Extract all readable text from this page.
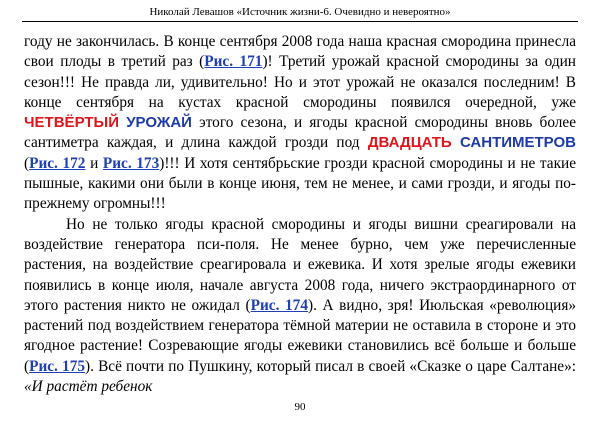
Николай Левашов «Источник жизни-6. Очевидно и невероятно»

году не закончилась. В конце сентября 2008 года наша красная смородина принесла свои плоды в третий раз (Рис. 171)! Третий урожай красной смородины за один сезон!!! Не правда ли, удивительно! Но и этот урожай не оказался последним! В конце сентября на кустах красной смородины появился очередной, уже ЧЕТВЁРТЫЙ УРОЖАЙ этого сезона, и ягоды красной смородины вновь более сантиметра каждая, и длина каждой грозди под ДВАДЦАТЬ САНТИМЕТРОВ (Рис. 172 и Рис. 173)!!! И хотя сентябрьские грозди красной смородины и не такие пышные, какими они были в конце июня, тем не менее, и сами грозди, и ягоды по-прежнему огромны!!!

Но не только ягоды красной смородины и ягоды вишни среагировали на воздействие генератора пси-поля. Не менее бурно, чем уже перечисленные растения, на воздействие среагировала и ежевика. И хотя зрелые ягоды ежевики появились в конце июля, начале августа 2008 года, ничего экстраординарного от этого растения никто не ожидал (Рис. 174). А видно, зря! Июльская «революция» растений под воздействием генератора тёмной материи не оставила в стороне и это ягодное растение! Созревающие ягоды ежевики становились всё больше и больше (Рис. 175). Всё почти по Пушкину, который писал в своей «Сказке о царе Салтане»: «И растёт ребенок

90
